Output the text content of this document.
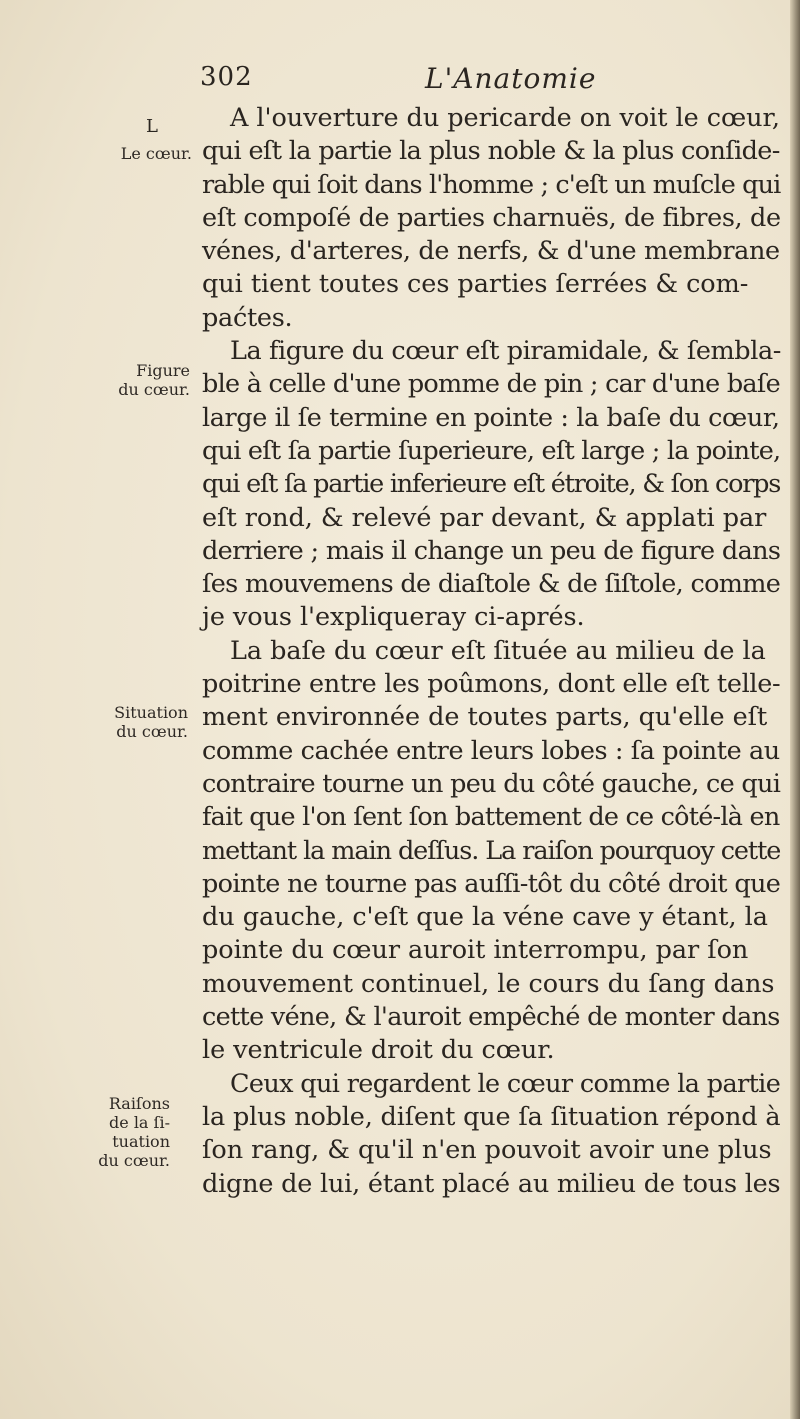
302	L'Anatomie
L
Le cœur.
Figure
du cœur.
Situation
du cœur.
Raiſons
de la ſi-
tuation
du cœur.
A l'ouverture du pericarde on voit le cœur,
qui eſt la partie la plus noble & la plus conſide-
rable qui ſoit dans l'homme ; c'eſt un muſcle qui
eſt compoſé de parties charnuës, de fibres, de
vénes, d'arteres, de nerfs, & d'une membrane
qui tient toutes ces parties ſerrées & com-
paćtes.
La figure du cœur eſt piramidale, & ſembla-
ble à celle d'une pomme de pin ; car d'une baſe
large il ſe termine en pointe : la baſe du cœur,
qui eſt ſa partie ſuperieure, eſt large ; la pointe,
qui eſt ſa partie inferieure eſt étroite, & ſon corps
eſt rond, & relevé par devant, & applati par
derriere ; mais il change un peu de figure dans
ſes mouvemens de diaſtole & de ſiſtole, comme
je vous l'expliqueray ci-aprés.
La baſe du cœur eſt ſituée au milieu de la
poitrine entre les poûmons, dont elle eſt telle-
ment environnée de toutes parts, qu'elle eſt
comme cachée entre leurs lobes : ſa pointe au
contraire tourne un peu du côté gauche, ce qui
fait que l'on ſent ſon battement de ce côté-là en
mettant la main deſſus. La raiſon pourquoy cette
pointe ne tourne pas auſſi-tôt du côté droit que
du gauche, c'eſt que la véne cave y étant, la
pointe du cœur auroit interrompu, par ſon
mouvement continuel, le cours du ſang dans
cette véne, & l'auroit empêché de monter dans
le ventricule droit du cœur.
Ceux qui regardent le cœur comme la partie
la plus noble, diſent que ſa ſituation répond à
ſon rang, & qu'il n'en pouvoit avoir une plus
digne de lui, étant placé au milieu de tous les
